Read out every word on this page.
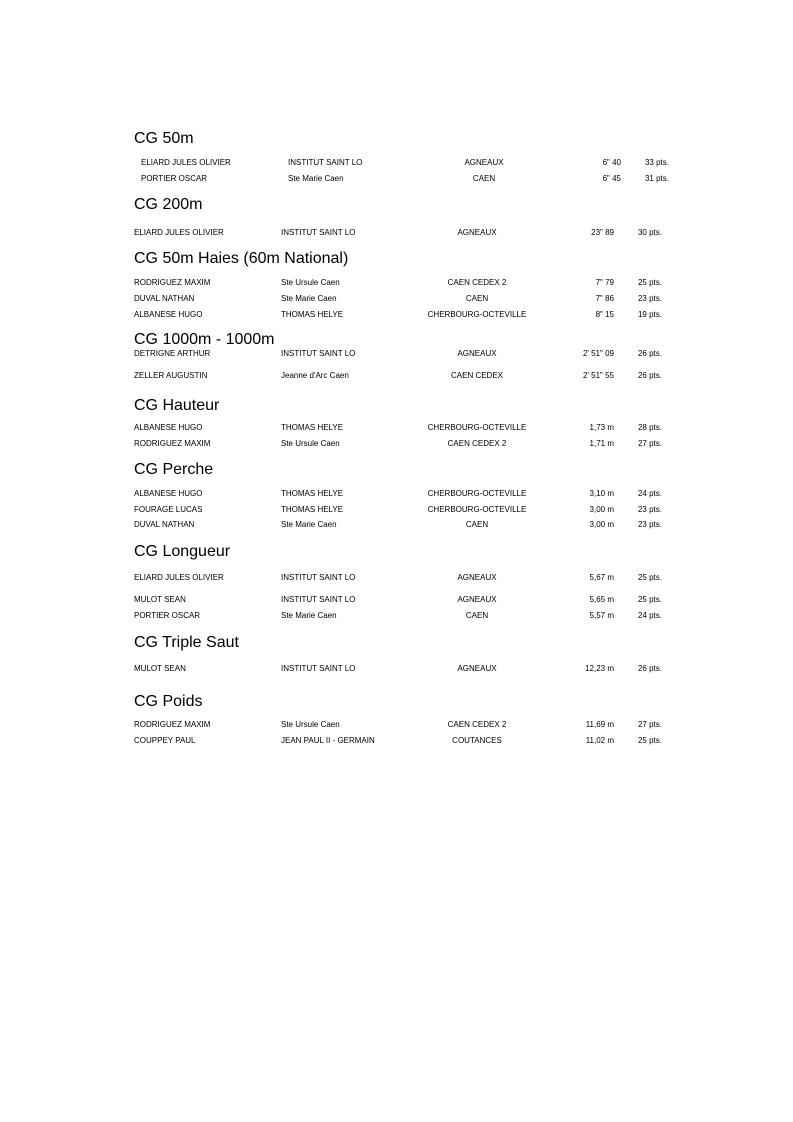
CG 50m
ELIARD JULES OLIVIER	INSTITUT SAINT LO	AGNEAUX	6" 40	33 pts.
PORTIER OSCAR	Ste Marie Caen	CAEN	6" 45	31 pts.
CG 200m
ELIARD JULES OLIVIER	INSTITUT SAINT LO	AGNEAUX	23" 89	30 pts.
CG 50m Haies (60m National)
RODRIGUEZ MAXIM	Ste Ursule Caen	CAEN CEDEX 2	7" 79	25 pts.
DUVAL NATHAN	Ste Marie Caen	CAEN	7" 86	23 pts.
ALBANESE HUGO	THOMAS HELYE	CHERBOURG-OCTEVILLE	8" 15	19 pts.
CG 1000m - 1000m
DETRIGNE ARTHUR	INSTITUT SAINT LO	AGNEAUX	2' 51" 09	26 pts.
ZELLER AUGUSTIN	Jeanne d'Arc Caen	CAEN CEDEX	2' 51" 55	26 pts.
CG Hauteur
ALBANESE HUGO	THOMAS HELYE	CHERBOURG-OCTEVILLE	1,73 m	28 pts.
RODRIGUEZ MAXIM	Ste Ursule Caen	CAEN CEDEX 2	1,71 m	27 pts.
CG Perche
ALBANESE HUGO	THOMAS HELYE	CHERBOURG-OCTEVILLE	3,10 m	24 pts.
FOURAGE LUCAS	THOMAS HELYE	CHERBOURG-OCTEVILLE	3,00 m	23 pts.
DUVAL NATHAN	Ste Marie Caen	CAEN	3,00 m	23 pts.
CG Longueur
ELIARD JULES OLIVIER	INSTITUT SAINT LO	AGNEAUX	5,67 m	25 pts.
MULOT SEAN	INSTITUT SAINT LO	AGNEAUX	5,65 m	25 pts.
PORTIER OSCAR	Ste Marie Caen	CAEN	5,57 m	24 pts.
CG Triple Saut
MULOT SEAN	INSTITUT SAINT LO	AGNEAUX	12,23 m	26 pts.
CG Poids
RODRIGUEZ MAXIM	Ste Ursule Caen	CAEN CEDEX 2	11,69 m	27 pts.
COUPPEY PAUL	JEAN PAUL II - GERMAIN	COUTANCES	11,02 m	25 pts.
